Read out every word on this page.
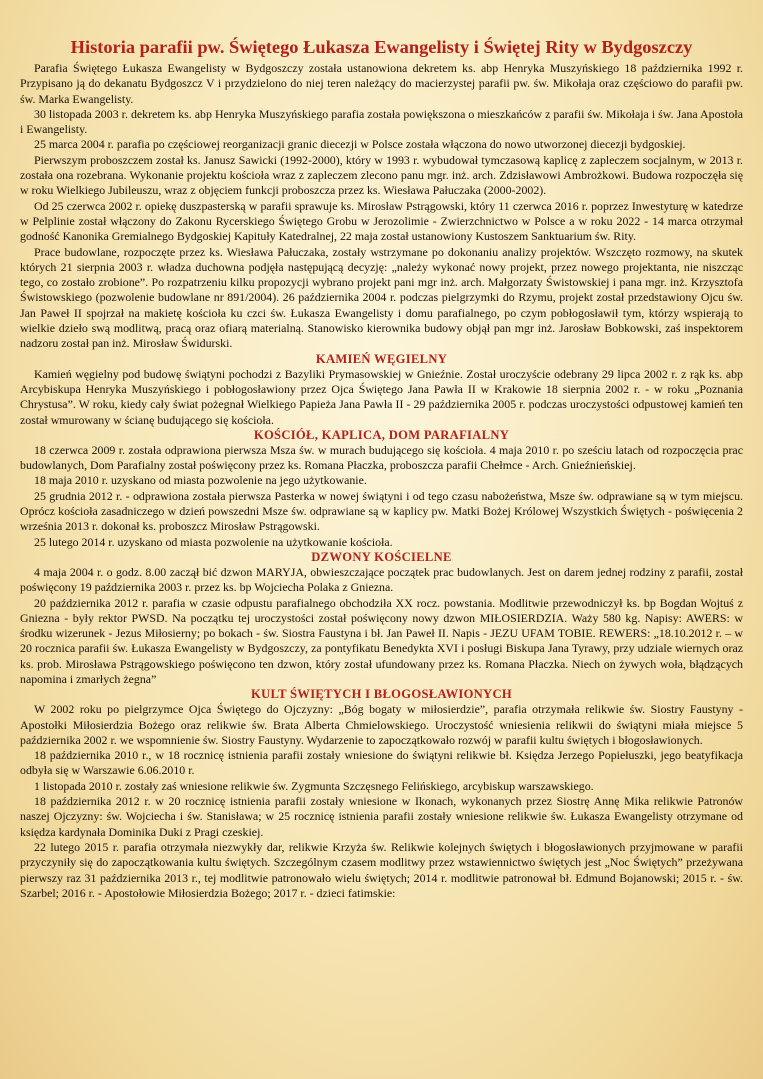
Historia parafii pw. Świętego Łukasza Ewangelisty i Świętej Rity w Bydgoszczy

Parafia Świętego Łukasza Ewangelisty w Bydgoszczy została ustanowiona dekretem ks. abp Henryka Muszyńskiego 18 października 1992 r. Przypisano ją do dekanatu Bydgoszcz V i przydzielono do niej teren należący do macierzystej parafii pw. św. Mikołaja oraz częściowo do parafii pw. św. Marka Ewangelisty.

30 listopada 2003 r. dekretem ks. abp Henryka Muszyńskiego parafia została powiększona o mieszkańców z parafii św. Mikołaja i św. Jana Apostoła i Ewangelisty.

25 marca 2004 r. parafia po częściowej reorganizacji granic diecezji w Polsce została włączona do nowo utworzonej diecezji bydgoskiej.

Pierwszym proboszczem został ks. Janusz Sawicki (1992-2000), który w 1993 r. wybudował tymczasową kaplicę z zapleczem socjalnym, w 2013 r. została ona rozebrana. Wykonanie projektu kościoła wraz z zapleczem zlecono panu mgr. inż. arch. Zdzisławowi Ambrożkowi. Budowa rozpoczęła się w roku Wielkiego Jubileuszu, wraz z objęciem funkcji proboszcza przez ks. Wiesława Pałuczaka (2000-2002).

Od 25 czerwca 2002 r. opiekę duszpasterską w parafii sprawuje ks. Mirosław Pstrągowski, który 11 czerwca 2016 r. poprzez Inwestyturę w katedrze w Pelplinie został włączony do Zakonu Rycerskiego Świętego Grobu w Jerozolimie - Zwierzchnictwo w Polsce a w roku 2022 - 14 marca otrzymał godność Kanonika Gremialnego Bydgoskiej Kapituły Katedralnej, 22 maja został ustanowiony Kustoszem Sanktuarium św. Rity.

Prace budowlane, rozpoczęte przez ks. Wiesława Pałuczaka, zostały wstrzymane po dokonaniu analizy projektów. Wszczęto rozmowy, na skutek których 21 sierpnia 2003 r. władza duchowna podjęła następującą decyzję: „należy wykonać nowy projekt, przez nowego projektanta, nie niszcząc tego, co zostało zrobione”. Po rozpatrzeniu kilku propozycji wybrano projekt pani mgr inż. arch. Małgorzaty Świstowskiej i pana mgr. inż. Krzysztofa Świstowskiego (pozwolenie budowlane nr 891/2004). 26 października 2004 r. podczas pielgrzymki do Rzymu, projekt został przedstawiony Ojcu św. Jan Paweł II spojrzał na makietę kościoła ku czci św. Łukasza Ewangelisty i domu parafialnego, po czym pobłogosławił tym, którzy wspierają to wielkie dzieło swą modlitwą, pracą oraz ofiarą materialną. Stanowisko kierownika budowy objął pan mgr inż. Jarosław Bobkowski, zaś inspektorem nadzoru został pan inż. Mirosław Świdurski.

KAMIEŃ WĘGIELNY

Kamień węgielny pod budowę świątyni pochodzi z Bazyliki Prymasowskiej w Gnieźnie. Został uroczyście odebrany 29 lipca 2002 r. z rąk ks. abp Arcybiskupa Henryka Muszyńskiego i pobłogosławiony przez Ojca Świętego Jana Pawła II w Krakowie 18 sierpnia 2002 r. - w roku „Poznania Chrystusa”. W roku, kiedy cały świat pożegnał Wielkiego Papieża Jana Pawła II - 29 października 2005 r. podczas uroczystości odpustowej kamień ten został wmurowany w ścianę budującego się kościoła.

KOŚCIÓŁ, KAPLICA, DOM PARAFIALNY

18 czerwca 2009 r. została odprawiona pierwsza Msza św. w murach budującego się kościoła. 4 maja 2010 r. po sześciu latach od rozpoczęcia prac budowlanych, Dom Parafialny został poświęcony przez ks. Romana Płaczka, proboszcza parafii Chełmce - Arch. Gnieźnieńskiej.

18 maja 2010 r. uzyskano od miasta pozwolenie na jego użytkowanie.

25 grudnia 2012 r. - odprawiona została pierwsza Pasterka w nowej świątyni i od tego czasu nabożeństwa, Msze św. odprawiane są w tym miejscu. Oprócz kościoła zasadniczego w dzień powszedni Msze św. odprawiane są w kaplicy pw. Matki Bożej Królowej Wszystkich Świętych - poświęcenia 2 września 2013 r. dokonał ks. proboszcz Mirosław Pstrągowski.

25 lutego 2014 r. uzyskano od miasta pozwolenie na użytkowanie kościoła.

DZWONY KOŚCIELNE

4 maja 2004 r. o godz. 8.00 zaczął bić dzwon MARYJA, obwieszczające początek prac budowlanych. Jest on darem jednej rodziny z parafii, został poświęcony 19 października 2003 r. przez ks. bp Wojciecha Polaka z Gniezna.

20 października 2012 r. parafia w czasie odpustu parafialnego obchodziła XX rocz. powstania. Modlitwie przewodniczył ks. bp Bogdan Wojtuś z Gniezna - były rektor PWSD. Na początku tej uroczystości został poświęcony nowy dzwon MIŁOSIERDZIA. Waży 580 kg. Napisy: AWERS: w środku wizerunek - Jezus Miłosierny; po bokach - św. Siostra Faustyna i bł. Jan Paweł II. Napis - JEZU UFAM TOBIE. REWERS: „18.10.2012 r. – w 20 rocznica parafii św. Łukasza Ewangelisty w Bydgoszczy, za pontyfikatu Benedykta XVI i posługi Biskupa Jana Tyrawy, przy udziale wiernych oraz ks. prob. Mirosława Pstrągowskiego poświęcono ten dzwon, który został ufundowany przez ks. Romana Płaczka. Niech on żywych woła, błądzących napomina i zmarłych żegna”

KULT ŚWIĘTYCH I BŁOGOSŁAWIONYCH

W 2002 roku po pielgrzymce Ojca Świętego do Ojczyzny: „Bóg bogaty w miłosierdzie”, parafia otrzymała relikwie św. Siostry Faustyny - Apostołki Miłosierdzia Bożego oraz relikwie św. Brata Alberta Chmielowskiego. Uroczystość wniesienia relikwii do świątyni miała miejsce 5 października 2002 r. we wspomnienie św. Siostry Faustyny. Wydarzenie to zapoczątkowało rozwój w parafii kultu świętych i błogosławionych.

18 października 2010 r., w 18 rocznicę istnienia parafii zostały wniesione do świątyni relikwie bł. Księdza Jerzego Popiełuszki, jego beatyfikacja odbyła się w Warszawie 6.06.2010 r.

1 listopada 2010 r. zostały zaś wniesione relikwie św. Zygmunta Szczęsnego Felińskiego, arcybiskup warszawskiego.

18 października 2012 r. w 20 rocznicę istnienia parafii zostały wniesione w Ikonach, wykonanych przez Siostrę Annę Mika relikwie Patronów naszej Ojczyzny: św. Wojciecha i św. Stanisława; w 25 rocznicę istnienia parafii zostały wniesione relikwie św. Łukasza Ewangelisty otrzymane od księdza kardynała Dominika Duki z Pragi czeskiej.

22 lutego 2015 r. parafia otrzymała niezwykły dar, relikwie Krzyża św. Relikwie kolejnych świętych i błogosławionych przyjmowane w parafii przyczyniły się do zapoczątkowania kultu świętych. Szczególnym czasem modlitwy przez wstawiennictwo świętych jest „Noc Świętych” przeżywana pierwszy raz 31 października 2013 r., tej modlitwie patronowało wielu świętych; 2014 r. modlitwie patronował bł. Edmund Bojanowski; 2015 r. - św. Szarbel; 2016 r. - Apostołowie Miłosierdzia Bożego; 2017 r. - dzieci fatimskie:
